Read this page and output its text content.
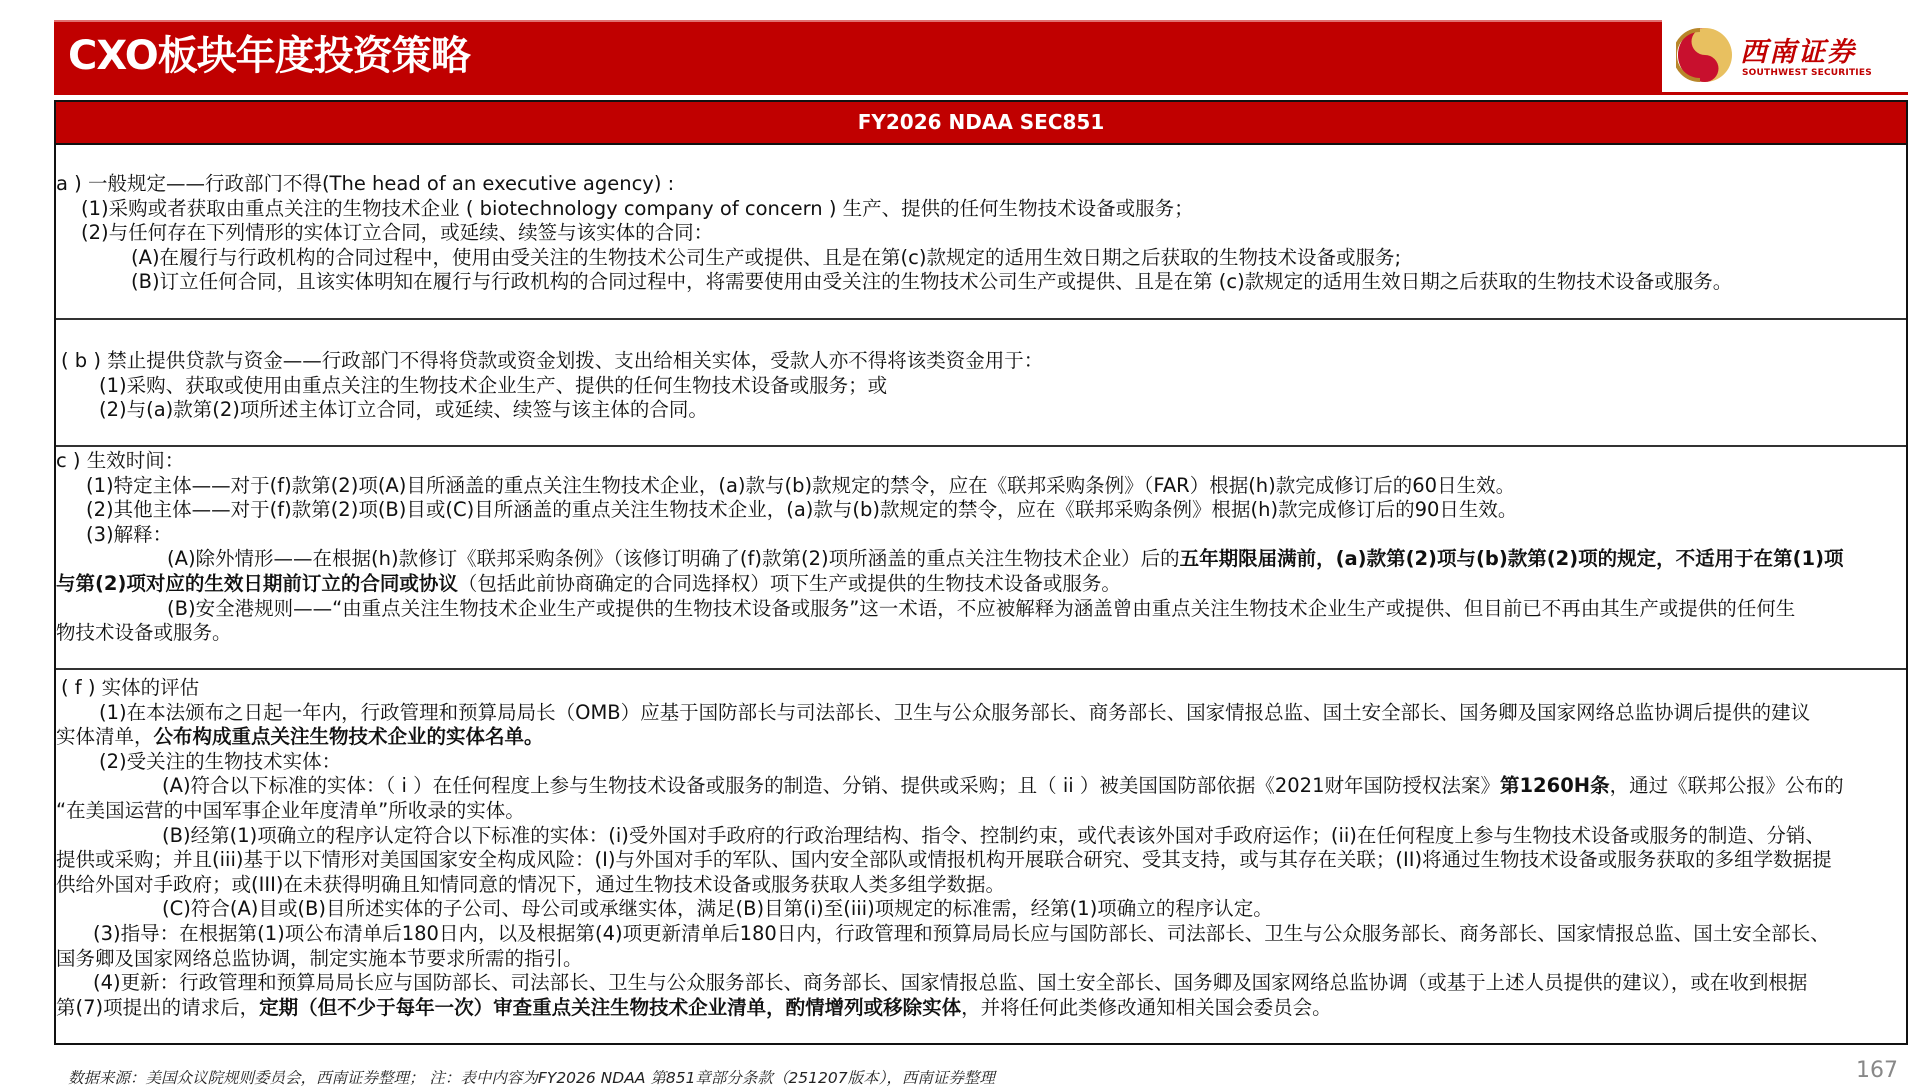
CXO板块年度投资策略	西南证券
SOUTHWEST SECURITIES
FY2026 NDAA SEC851
a ) 一般规定——行政部门不得(The head of an executive agency) :
(1)采购或者获取由重点关注的生物技术企业 ( biotechnology company of concern ) 生产、提供的任何生物技术设备或服务；
(2)与任何存在下列情形的实体订立合同，或延续、续签与该实体的合同：
(A)在履行与行政机构的合同过程中，使用由受关注的生物技术公司生产或提供、且是在第(c)款规定的适用生效日期之后获取的生物技术设备或服务;
(B)订立任何合同，且该实体明知在履行与行政机构的合同过程中，将需要使用由受关注的生物技术公司生产或提供、且是在第 (c)款规定的适用生效日期之后获取的生物技术设备或服务。
( b ) 禁止提供贷款与资金——行政部门不得将贷款或资金划拨、支出给相关实体，受款人亦不得将该类资金用于：
(1)采购、获取或使用由重点关注的生物技术企业生产、提供的任何生物技术设备或服务；或
(2)与(a)款第(2)项所述主体订立合同，或延续、续签与该主体的合同。
c ) 生效时间：
(1)特定主体——对于(f)款第(2)项(A)目所涵盖的重点关注生物技术企业，(a)款与(b)款规定的禁令，应在《联邦采购条例》（FAR）根据(h)款完成修订后的60日生效。
(2)其他主体——对于(f)款第(2)项(B)目或(C)目所涵盖的重点关注生物技术企业，(a)款与(b)款规定的禁令，应在《联邦采购条例》根据(h)款完成修订后的90日生效。
(3)解释：
(A)除外情形——在根据(h)款修订《联邦采购条例》（该修订明确了(f)款第(2)项所涵盖的重点关注生物技术企业）后的五年期限届满前，(a)款第(2)项与(b)款第(2)项的规定，不适用于在第(1)项
与第(2)项对应的生效日期前订立的合同或协议（包括此前协商确定的合同选择权）项下生产或提供的生物技术设备或服务。
(B)安全港规则——“由重点关注生物技术企业生产或提供的生物技术设备或服务”这一术语，不应被解释为涵盖曾由重点关注生物技术企业生产或提供、但目前已不再由其生产或提供的任何生
物技术设备或服务。
( f ) 实体的评估
(1)在本法颁布之日起一年内，行政管理和预算局局长（OMB）应基于国防部长与司法部长、卫生与公众服务部长、商务部长、国家情报总监、国土安全部长、国务卿及国家网络总监协调后提供的建议
实体清单，公布构成重点关注生物技术企业的实体名单。
(2)受关注的生物技术实体：
(A)符合以下标准的实体：（ i ）在任何程度上参与生物技术设备或服务的制造、分销、提供或采购；且（ ii ）被美国国防部依据《2021财年国防授权法案》第1260H条，通过《联邦公报》公布的
“在美国运营的中国军事企业年度清单”所收录的实体。
(B)经第(1)项确立的程序认定符合以下标准的实体：(i)受外国对手政府的行政治理结构、指令、控制约束，或代表该外国对手政府运作；(ii)在任何程度上参与生物技术设备或服务的制造、分销、
提供或采购；并且(iii)基于以下情形对美国国家安全构成风险：(I)与外国对手的军队、国内安全部队或情报机构开展联合研究、受其支持，或与其存在关联；(II)将通过生物技术设备或服务获取的多组学数据提
供给外国对手政府；或(III)在未获得明确且知情同意的情况下，通过生物技术设备或服务获取人类多组学数据。
(C)符合(A)目或(B)目所述实体的子公司、母公司或承继实体，满足(B)目第(i)至(iii)项规定的标准需，经第(1)项确立的程序认定。
(3)指导：在根据第(1)项公布清单后180日内，以及根据第(4)项更新清单后180日内，行政管理和预算局局长应与国防部长、司法部长、卫生与公众服务部长、商务部长、国家情报总监、国土安全部长、
国务卿及国家网络总监协调，制定实施本节要求所需的指引。
(4)更新：行政管理和预算局局长应与国防部长、司法部长、卫生与公众服务部长、商务部长、国家情报总监、国土安全部长、国务卿及国家网络总监协调（或基于上述人员提供的建议），或在收到根据
第(7)项提出的请求后，定期（但不少于每年一次）审查重点关注生物技术企业清单，酌情增列或移除实体，并将任何此类修改通知相关国会委员会。
数据来源：美国众议院规则委员会，西南证券整理； 注：表中内容为FY2026 NDAA 第851章部分条款（251207版本），西南证券整理	167
